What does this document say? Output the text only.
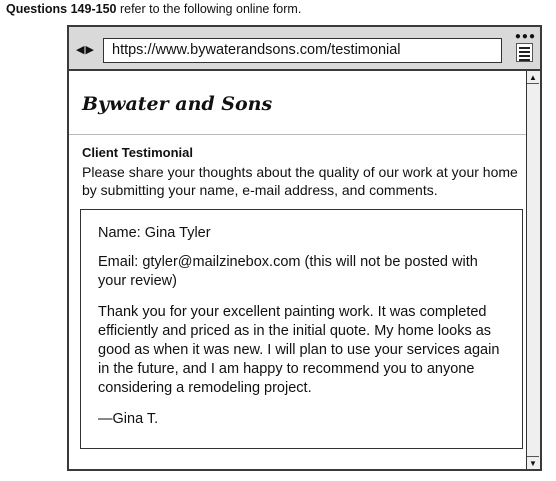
Questions 149-150 refer to the following online form.
◀ ▶	https://www.bywaterandsons.com/testimonial
●●●
Bywater and Sons
Client Testimonial
Please share your thoughts about the quality of our work at your home by submitting your name, e-mail address, and comments.
Name: Gina Tyler
Email: gtyler@mailzinebox.com (this will not be posted with your review)
Thank you for your excellent painting work. It was completed efficiently and priced as in the initial quote. My home looks as good as when it was new. I will plan to use your services again in the future, and I am happy to recommend you to anyone considering a remodeling project.
—Gina T.
▲
▼
